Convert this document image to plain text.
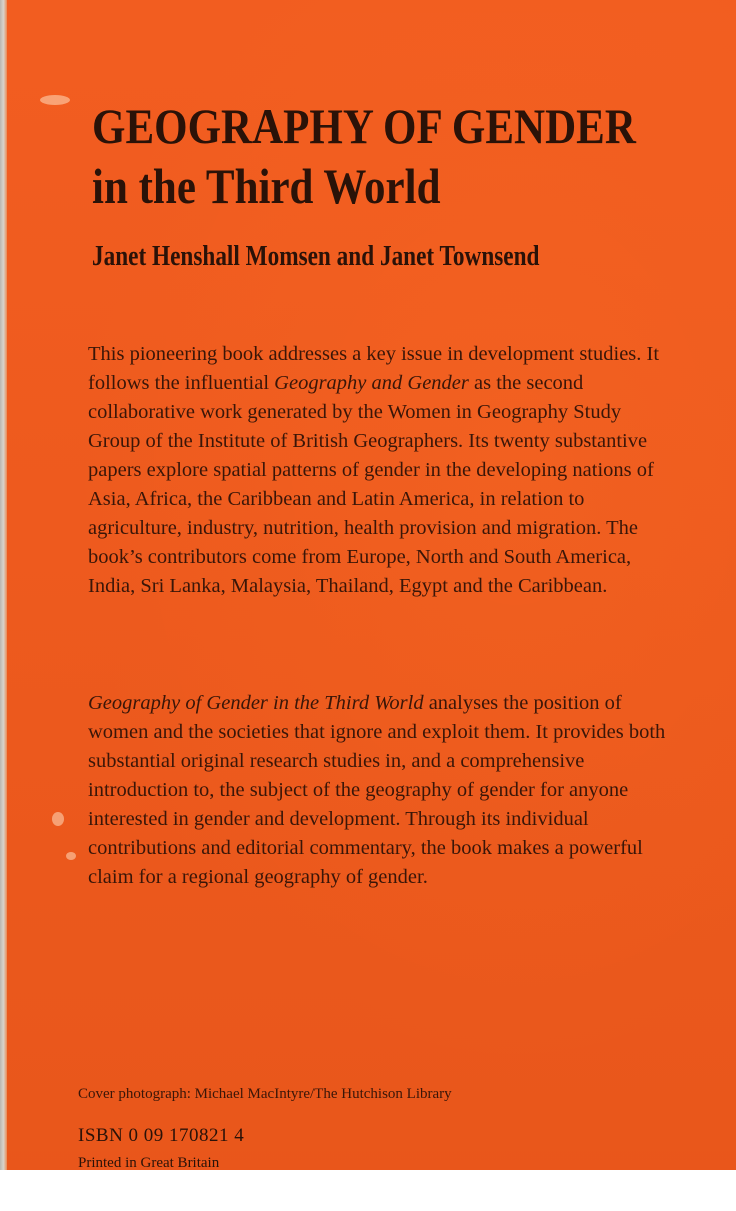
GEOGRAPHY OF GENDER
in the Third World

Janet Henshall Momsen and Janet Townsend

This pioneering book addresses a key issue in development studies. It follows the influential Geography and Gender as the second collaborative work generated by the Women in Geography Study Group of the Institute of British Geographers. Its twenty substantive papers explore spatial patterns of gender in the developing nations of Asia, Africa, the Caribbean and Latin America, in relation to agriculture, industry, nutrition, health provision and migration. The book’s contributors come from Europe, North and South America, India, Sri Lanka, Malaysia, Thailand, Egypt and the Caribbean.

Geography of Gender in the Third World analyses the position of women and the societies that ignore and exploit them. It provides both substantial original research studies in, and a comprehensive introduction to, the subject of the geography of gender for anyone interested in gender and development. Through its individual contributions and editorial commentary, the book makes a powerful claim for a regional geography of gender.

Cover photograph: Michael MacIntyre/The Hutchison Library

ISBN 0 09 170821 4

Printed in Great Britain
